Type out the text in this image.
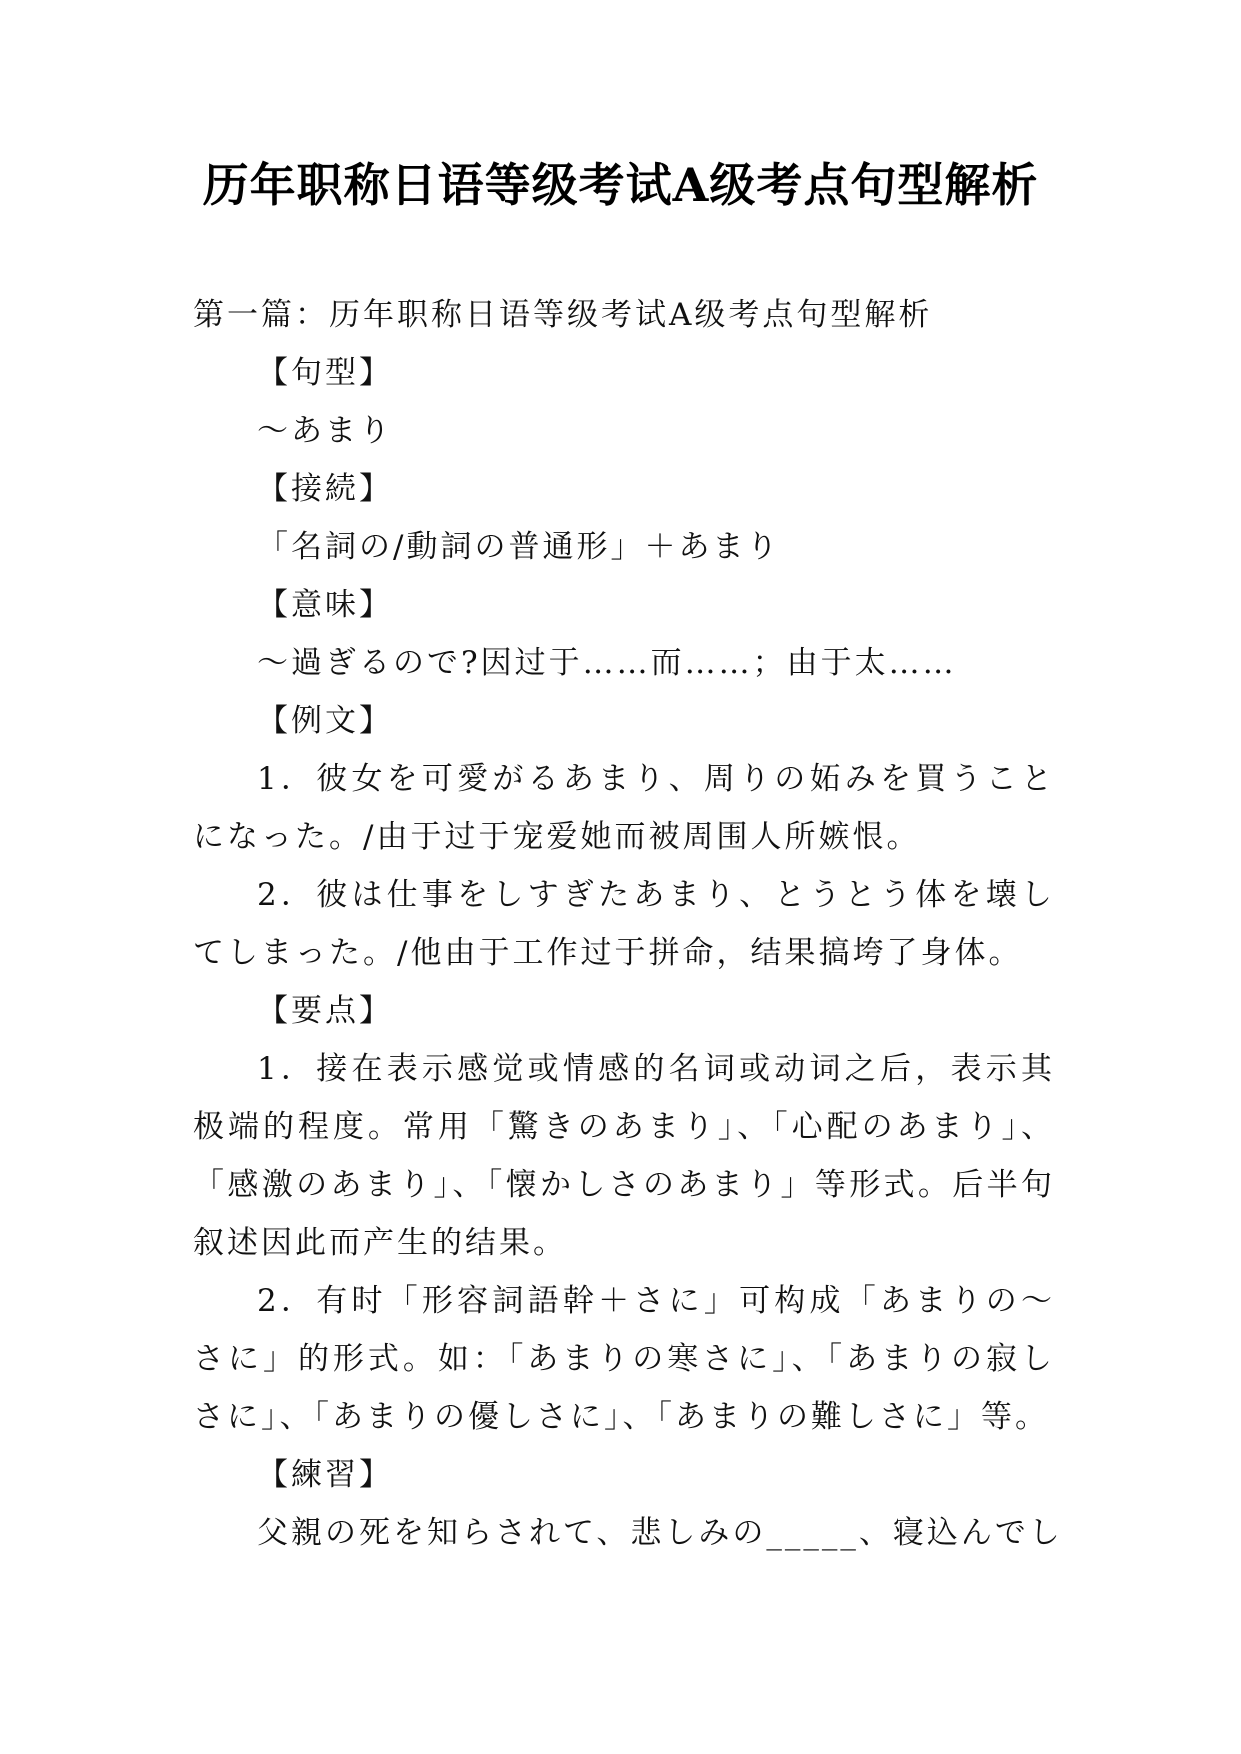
历年职称日语等级考试A级考点句型解析
第一篇：历年职称日语等级考试A级考点句型解析
【句型】
～あまり
【接続】
「名詞の/動詞の普通形」＋あまり
【意味】
～過ぎるので?因过于……而……；由于太……
【例文】
1．彼女を可愛がるあまり、周りの妬みを買うことになった。/由于过于宠爱她而被周围人所嫉恨。
2．彼は仕事をしすぎたあまり、とうとう体を壊してしまった。/他由于工作过于拼命，结果搞垮了身体。
【要点】
1．接在表示感觉或情感的名词或动词之后，表示其极端的程度。常用「驚きのあまり」、「心配のあまり」、「感激のあまり」、「懐かしさのあまり」等形式。后半句叙述因此而产生的结果。
2．有时「形容詞語幹＋さに」可构成「あまりの～さに」的形式。如：「あまりの寒さに」、「あまりの寂しさに」、「あまりの優しさに」、「あまりの難しさに」等。
【練習】
父親の死を知らされて、悲しみの_____、寝込んでし
